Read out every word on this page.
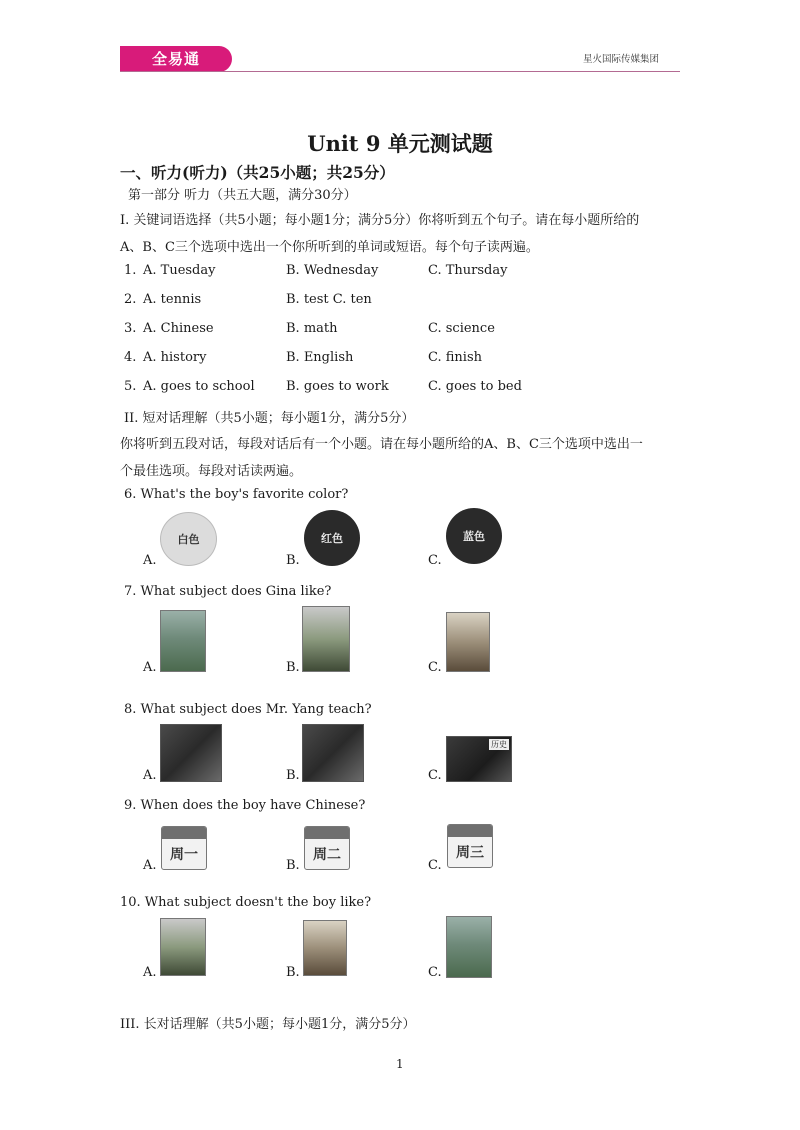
全易通	星火国际传媒集团
Unit 9 单元测试题
一、听力(听力)（共25小题；共25分）
第一部分 听力（共五大题，满分30分）
I. 关键词语选择（共5小题；每小题1分；满分5分）你将听到五个句子。请在每小题所给的
A、B、C三个选项中选出一个你所听到的单词或短语。每个句子读两遍。
1. A. Tuesday	B. Wednesday	C. Thursday
2. A. tennis	B. test C. ten
3. A. Chinese	B. math	C. science
4. A. history	B. English	C. finish
5. A. goes to school B. goes to work	C. goes to bed
II. 短对话理解（共5小题；每小题1分，满分5分）
你将听到五段对话，每段对话后有一个小题。请在每小题所给的A、B、C三个选项中选出一
个最佳选项。每段对话读两遍。
6. What's the boy's favorite color?
A.
白色
B.
红色
C.
蓝色
7. What subject does Gina like?
A.	B.	C.
8. What subject does Mr. Yang teach?
A.	B.	C.
历史
9. When does the boy have Chinese?
A.
周一
B.
周二
C.
周三
10. What subject doesn't the boy like?
A.	B.	C.
III. 长对话理解（共5小题；每小题1分，满分5分）
1
